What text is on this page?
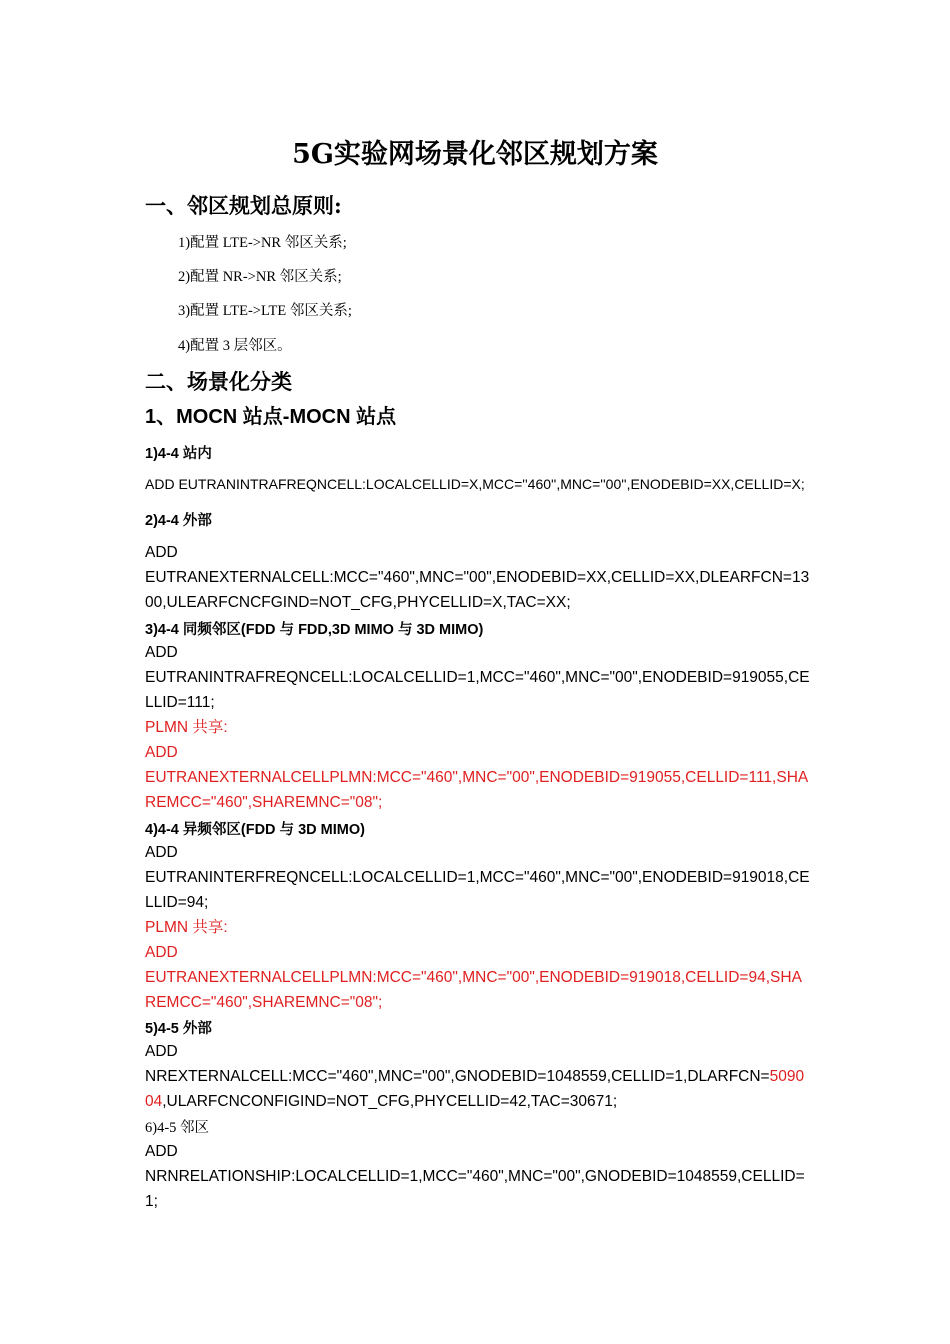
5G实验网场景化邻区规划方案
一、邻区规划总原则:
1)配置 LTE->NR 邻区关系;
2)配置 NR->NR 邻区关系;
3)配置 LTE->LTE 邻区关系;
4)配置 3 层邻区。
二、场景化分类
1、MOCN 站点-MOCN 站点
1)4-4 站内
ADD EUTRANINTRAFREQNCELL:LOCALCELLID=X,MCC=''460'',MNC=''00'',ENODEBID=XX,CELLID=X;
2)4-4 外部
ADD
EUTRANEXTERNALCELL:MCC="460",MNC="00",ENODEBID=XX,CELLID=XX,DLEARFCN=1300,ULEARFCNCFGIND=NOT_CFG,PHYCELLID=X,TAC=XX;
3)4-4 同频邻区(FDD 与 FDD,3D MIMO 与 3D MIMO)
ADD
EUTRANINTRAFREQNCELL:LOCALCELLID=1,MCC="460",MNC="00",ENODEBID=919055,CELLID=111;
PLMN 共享:
ADD
EUTRANEXTERNALCELLPLMN:MCC="460",MNC="00",ENODEBID=919055,CELLID=111,SHAREMCC="460",SHAREMNC="08";
4)4-4 异频邻区(FDD 与 3D MIMO)
ADD
EUTRANINTERFREQNCELL:LOCALCELLID=1,MCC="460",MNC="00",ENODEBID=919018,CELLID=94;
PLMN 共享:
ADD
EUTRANEXTERNALCELLPLMN:MCC="460",MNC="00",ENODEBID=919018,CELLID=94,SHAREMCC="460",SHAREMNC="08";
5)4-5 外部
ADD
NREXTERNALCELL:MCC="460",MNC="00",GNODEBID=1048559,CELLID=1,DLARFCN=509004,ULARFCNCONFIGIND=NOT_CFG,PHYCELLID=42,TAC=30671;
6)4-5 邻区
ADD
NRNRELATIONSHIP:LOCALCELLID=1,MCC="460",MNC="00",GNODEBID=1048559,CELLID=1;
